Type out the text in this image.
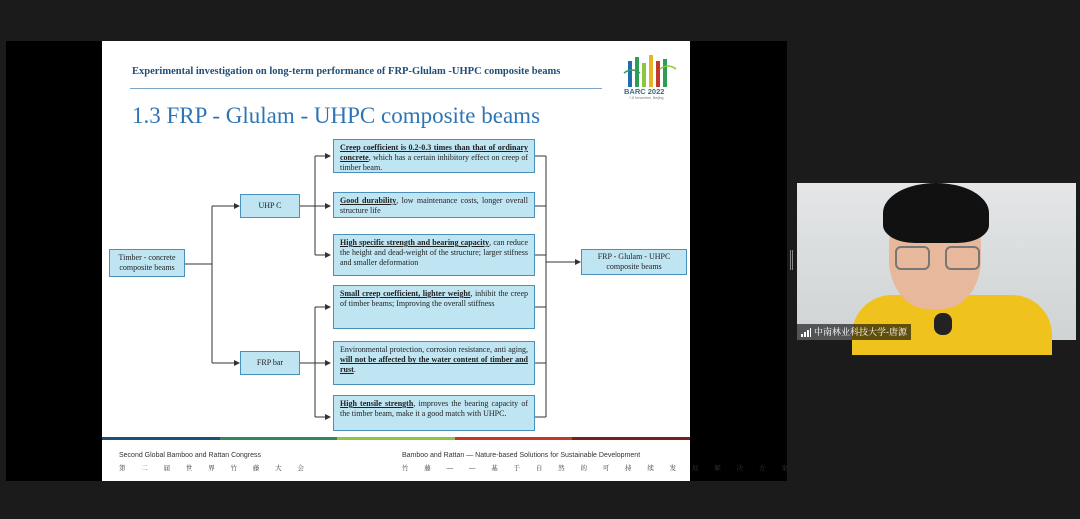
Experimental investigation on long-term performance of FRP-Glulam -UHPC composite beams
BARC 2022
7-8 November, Beijing
1.3 FRP - Glulam - UHPC composite beams
Timber - concrete composite beams
UHP C
FRP bar
FRP - Glulam - UHPC composite beams
Creep coefficient is 0.2-0.3 times than that of ordinary concrete, which has a certain inhibitory effect on creep of timber beam.
Good durability, low maintenance costs, longer overall structure life
High specific strength and bearing capacity, can reduce the height and dead-weight of the structure; larger stifness and smaller deformation
Small creep coefficient, lighter weight, inhibit the creep of timber beams; Improving the overall stiffness
Environmental protection, corrosion resistance, anti aging, will not be affected by the water content of timber and rust.
High tensile strength, improves the bearing capacity of the timber beam, make it a good match with UHPC.
Second Global Bamboo and Rattan Congress
第 二 届 世 界 竹 藤 大 会
Bamboo and Rattan — Nature-based Solutions for Sustainable Development
竹 藤 — — 基 于 自 然 的 可 持 续 发 展 解 决 方 案
中南林业科技大学-唐源
